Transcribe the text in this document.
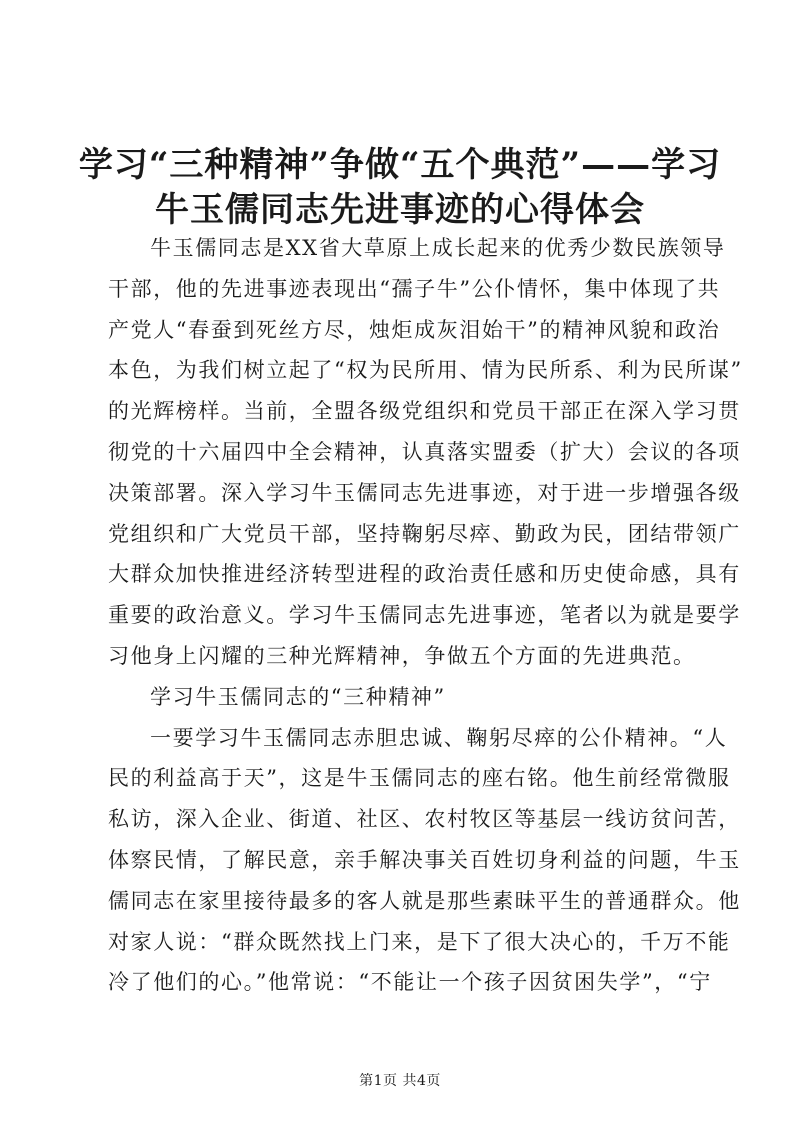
学习“三种精神”争做“五个典范”——学习
牛玉儒同志先进事迹的心得体会
牛玉儒同志是XX省大草原上成长起来的优秀少数民族领导
干部，他的先进事迹表现出“孺子牛”公仆情怀，集中体现了共
产党人“春蚕到死丝方尽，烛炬成灰泪始干”的精神风貌和政治
本色，为我们树立起了“权为民所用、情为民所系、利为民所谋”
的光辉榜样。当前，全盟各级党组织和党员干部正在深入学习贯
彻党的十六届四中全会精神，认真落实盟委（扩大）会议的各项
决策部署。深入学习牛玉儒同志先进事迹，对于进一步增强各级
党组织和广大党员干部，坚持鞠躬尽瘁、勤政为民，团结带领广
大群众加快推进经济转型进程的政治责任感和历史使命感，具有
重要的政治意义。学习牛玉儒同志先进事迹，笔者以为就是要学
习他身上闪耀的三种光辉精神，争做五个方面的先进典范。
学习牛玉儒同志的“三种精神”
一要学习牛玉儒同志赤胆忠诚、鞠躬尽瘁的公仆精神。“人
民的利益高于天”，这是牛玉儒同志的座右铭。他生前经常微服
私访，深入企业、街道、社区、农村牧区等基层一线访贫问苦，
体察民情，了解民意，亲手解决事关百姓切身利益的问题，牛玉
儒同志在家里接待最多的客人就是那些素昧平生的普通群众。他
对家人说：“群众既然找上门来，是下了很大决心的，千万不能
冷了他们的心。”他常说：“不能让一个孩子因贫困失学”，“宁
第1页 共4页
